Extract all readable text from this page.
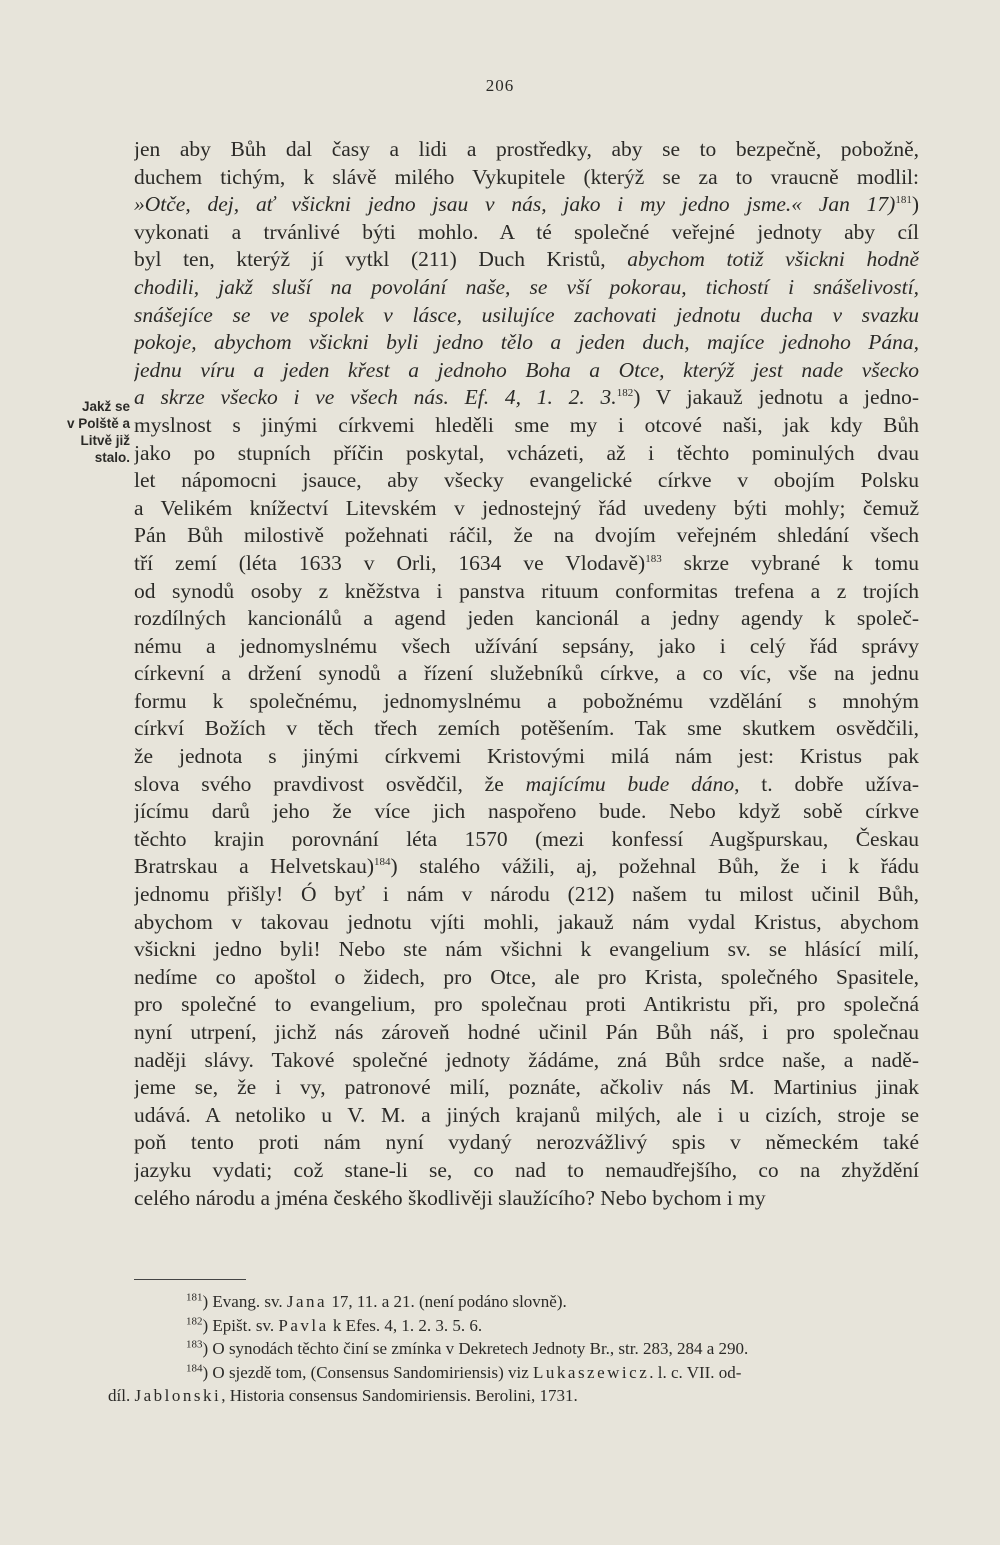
206
Jakž se
v Polště a
Litvě již
stalo.
jen aby Bůh dal časy a lidi a prostředky, aby se to bezpečně, pobožně,
duchem tichým, k slávě milého Vykupitele (kterýž se za to vraucně modlil:
»Otče, dej, ať všickni jedno jsau v nás, jako i my jedno jsme.« Jan 17)$^{181}$)
vykonati a trvánlivé býti mohlo. A té společné veřejné jednoty aby cíl
byl ten, kterýž jí vytkl (211) Duch Kristů, abychom totiž všickni hodně
chodili, jakž sluší na povolání naše, se vší pokorau, tichostí i snášelivostí,
snášejíce se ve spolek v lásce, usilujíce zachovati jednotu ducha v svazku
pokoje, abychom všickni byli jedno tělo a jeden duch, majíce jednoho Pána,
jednu víru a jeden křest a jednoho Boha a Otce, kterýž jest nade všecko
a skrze všecko i ve všech nás. Ef. 4, 1. 2. 3.$^{182}$) V jakauž jednotu a jedno-
myslnost s jinými církvemi hleděli sme my i otcové naši, jak kdy Bůh
jako po stupních příčin poskytal, vcházeti, až i těchto pominulých dvau
let nápomocni jsauce, aby všecky evangelické církve v obojím Polsku
a Velikém knížectví Litevském v jednostejný řád uvedeny býti mohly; čemuž
Pán Bůh milostivě požehnati ráčil, že na dvojím veřejném shledání všech
tří zemí (léta 1633 v Orli, 1634 ve Vlodavě)$^{183}$ skrze vybrané k tomu
od synodů osoby z kněžstva i panstva rituum conformitas trefena a z trojích
rozdílných kancionálů a agend jeden kancionál a jedny agendy k společ-
nému a jednomyslnému všech užívání sepsány, jako i celý řád správy
církevní a držení synodů a řízení služebníků církve, a co víc, vše na jednu
formu k společnému, jednomyslnému a pobožnému vzdělání s mnohým
církví Božích v těch třech zemích potěšením. Tak sme skutkem osvědčili,
že jednota s jinými církvemi Kristovými milá nám jest: Kristus pak
slova svého pravdivost osvědčil, že majícímu bude dáno, t. dobře užíva-
jícímu darů jeho že více jich naspořeno bude. Nebo když sobě církve
těchto krajin porovnání léta 1570 (mezi konfessí Augšpurskau, Českau
Bratrskau a Helvetskau)$^{184}$) stalého vážili, aj, požehnal Bůh, že i k řádu
jednomu přišly! Ó byť i nám v národu (212) našem tu milost učinil Bůh,
abychom v takovau jednotu vjíti mohli, jakauž nám vydal Kristus, abychom
všickni jedno byli! Nebo ste nám všichni k evangelium sv. se hlásící milí,
nedíme co apoštol o židech, pro Otce, ale pro Krista, společného Spasitele,
pro společné to evangelium, pro společnau proti Antikristu při, pro společná
nyní utrpení, jichž nás zároveň hodné učinil Pán Bůh náš, i pro společnau
naději slávy. Takové společné jednoty žádáme, zná Bůh srdce naše, a nadě-
jeme se, že i vy, patronové milí, poznáte, ačkoliv nás M. Martinius jinak
udává. A netoliko u V. M. a jiných krajanů milých, ale i u cizích, stroje se
poň tento proti nám nyní vydaný nerozvážlivý spis v německém také
jazyku vydati; což stane-li se, co nad to nemaudřejšího, co na zhyždění
celého národu a jména českého škodlivěji slaužícího? Nebo bychom i my
$^{181}$) Evang. sv. Jana 17, 11. a 21. (není podáno slovně).
$^{182}$) Epišt. sv. Pavla k Efes. 4, 1. 2. 3. 5. 6.
$^{183}$) O synodách těchto činí se zmínka v Dekretech Jednoty Br., str. 283, 284 a 290.
$^{184}$) O sjezdě tom, (Consensus Sandomiriensis) viz Lukaszewicz. l. c. VII. od-
díl. Jablonski, Historia consensus Sandomiriensis. Berolini, 1731.
